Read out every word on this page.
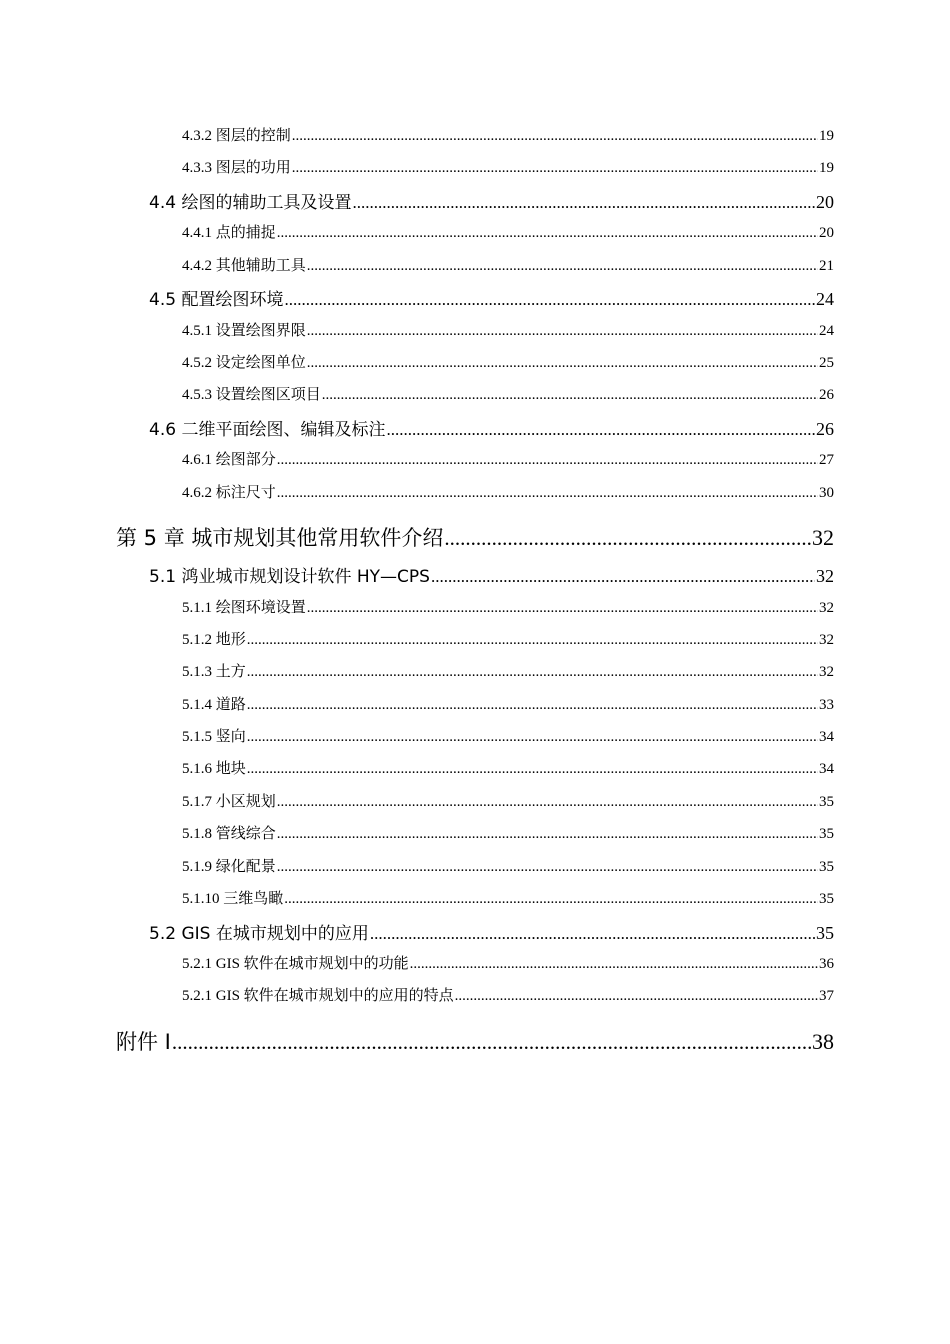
4.3.2 图层的控制 .....	19
4.3.3 图层的功用 .....	19
4.4 绘图的辅助工具及设置 .....	20
4.4.1 点的捕捉 .....	20
4.4.2 其他辅助工具 .....	21
4.5 配置绘图环境 .....	24
4.5.1 设置绘图界限 .....	24
4.5.2 设定绘图单位 .....	25
4.5.3 设置绘图区项目 .....	26
4.6 二维平面绘图、编辑及标注 .....	26
4.6.1 绘图部分 .....	27
4.6.2 标注尺寸 .....	30
第 5 章 城市规划其他常用软件介绍 .....	32
5.1 鸿业城市规划设计软件 HY—CPS .....	32
5.1.1 绘图环境设置 .....	32
5.1.2 地形 .....	32
5.1.3 土方 .....	32
5.1.4 道路 .....	33
5.1.5 竖向 .....	34
5.1.6 地块 .....	34
5.1.7 小区规划 .....	35
5.1.8 管线综合 .....	35
5.1.9 绿化配景 .....	35
5.1.10 三维鸟瞰 .....	35
5.2 GIS 在城市规划中的应用 .....	35
5.2.1 GIS 软件在城市规划中的功能 .....	36
5.2.1 GIS 软件在城市规划中的应用的特点 .....	37
附件 I .....	38
